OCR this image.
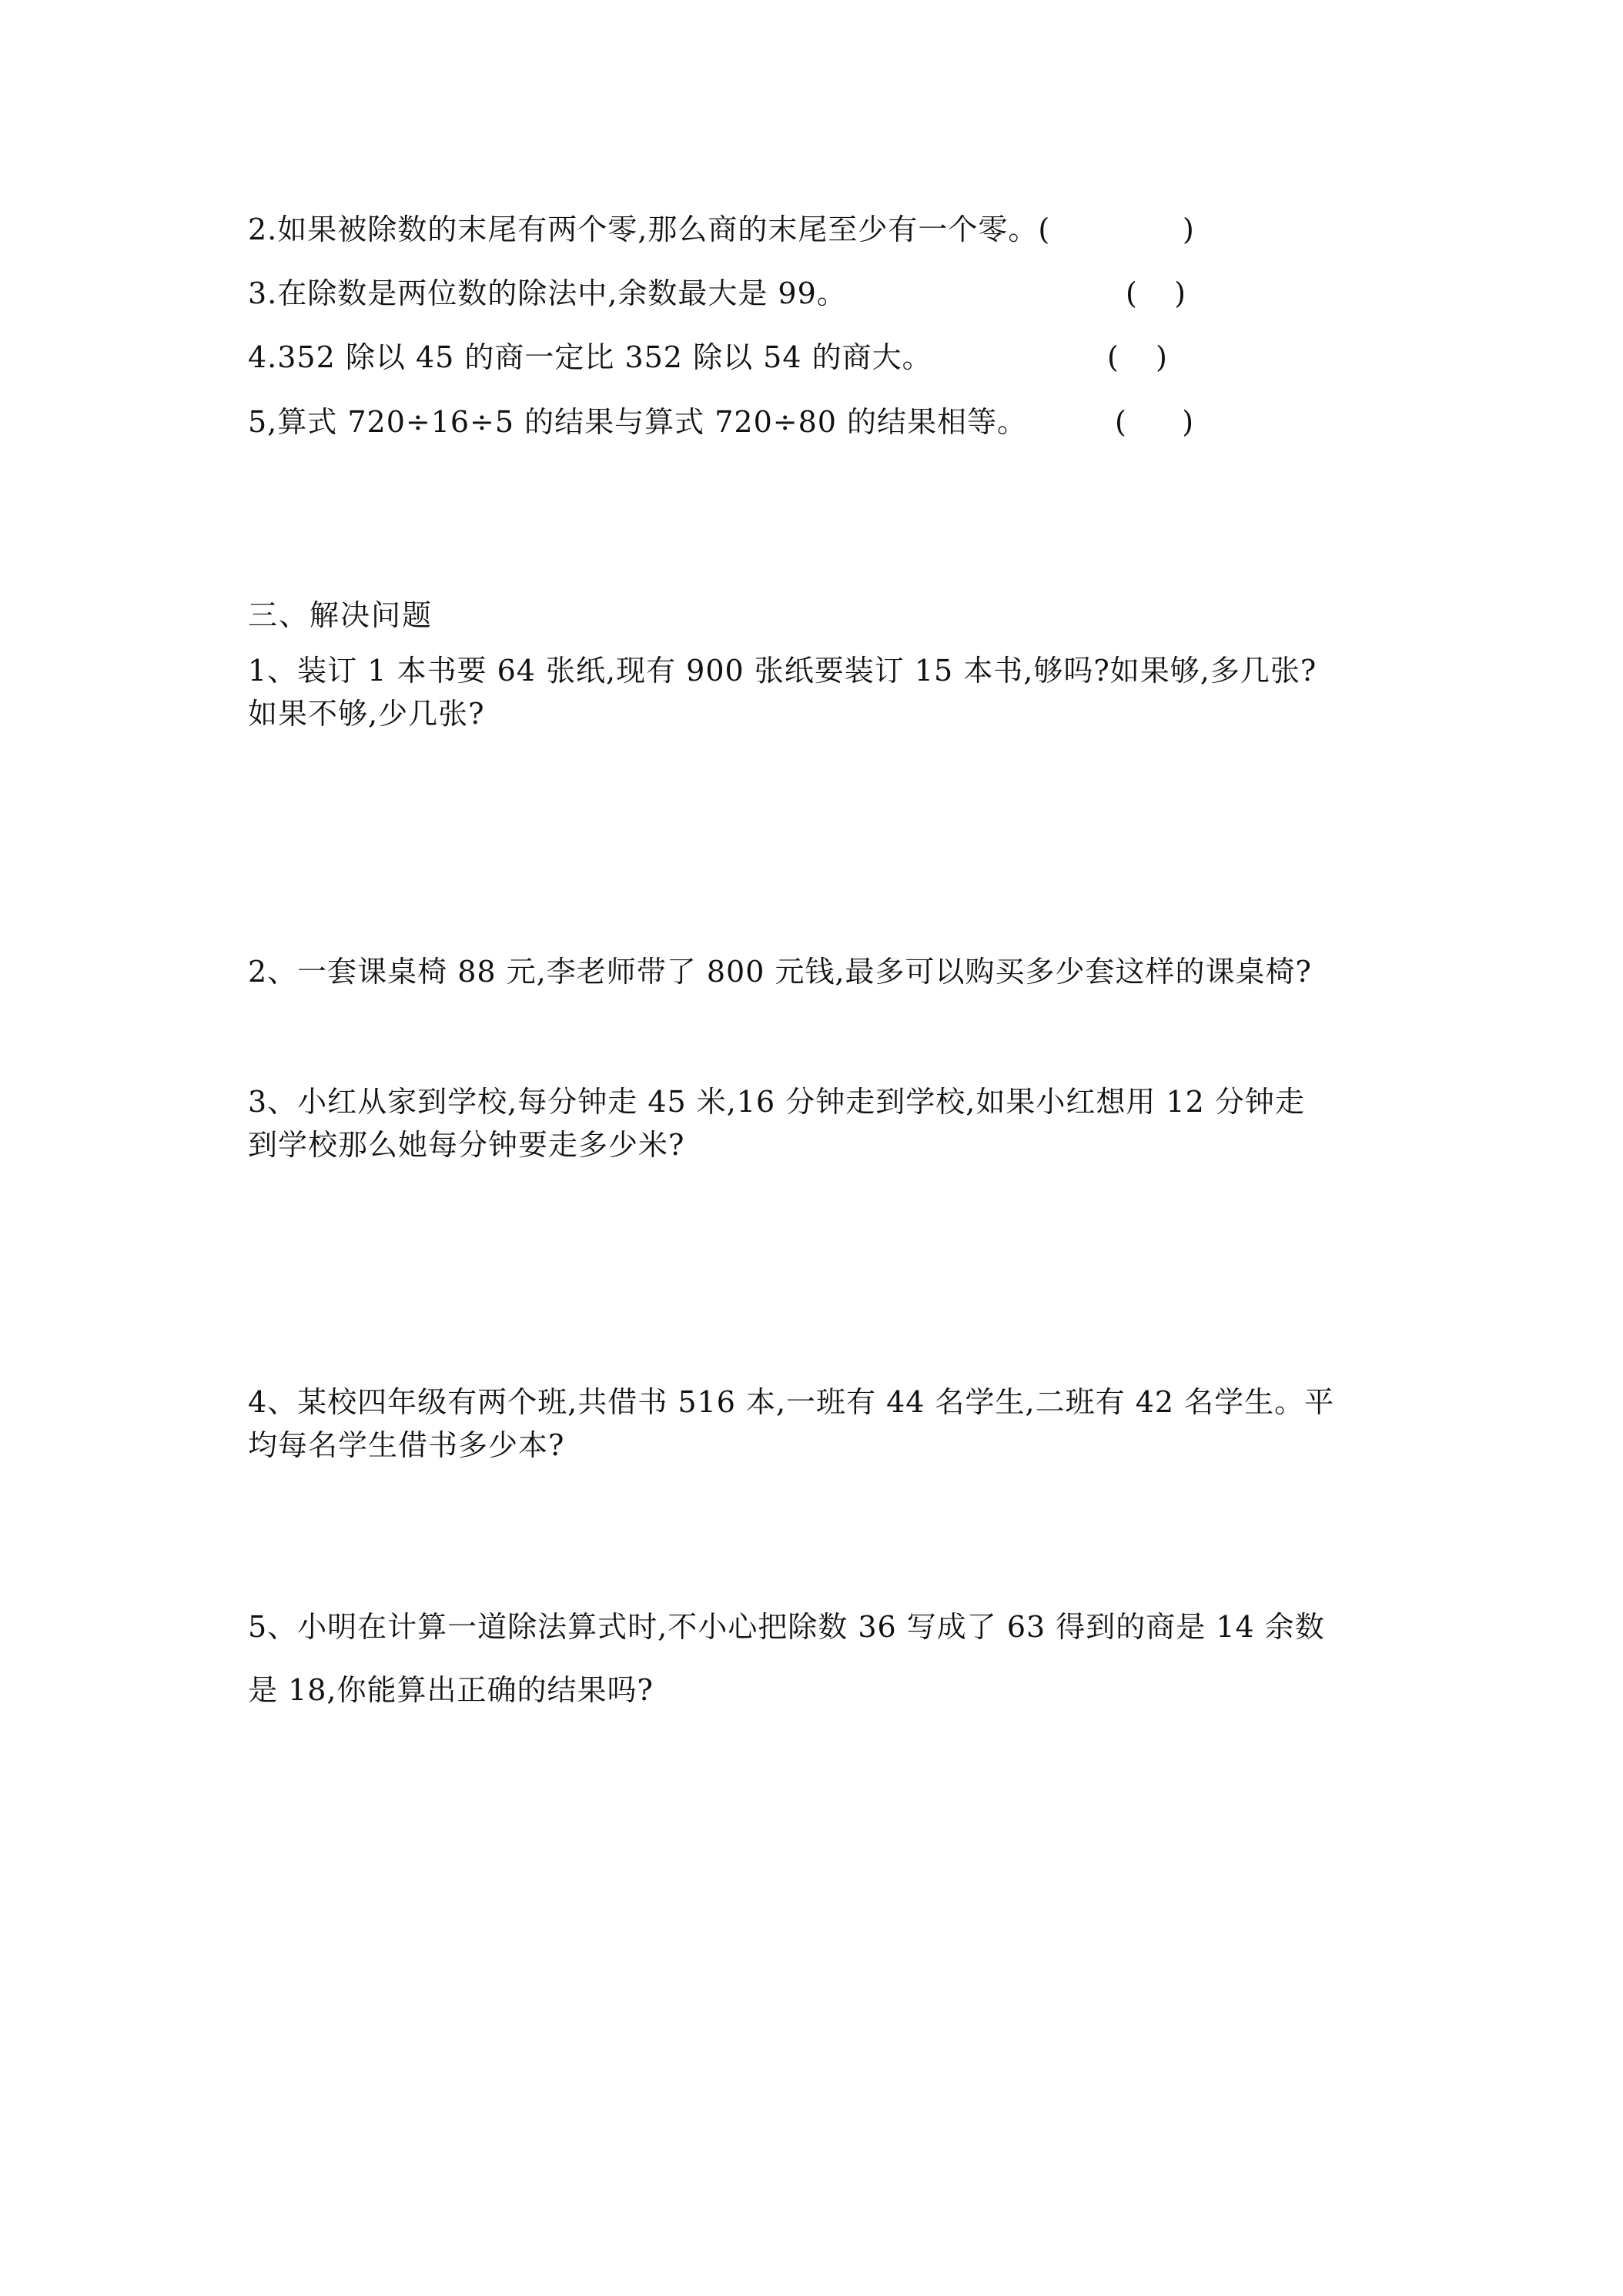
2.如果被除数的末尾有两个零,那么商的末尾至少有一个零。(	)
3.在除数是两位数的除法中,余数最大是 99。	(    )
4.352 除以 45 的商一定比 352 除以 54 的商大。	(    )
5,算式 720÷16÷5 的结果与算式 720÷80 的结果相等。	(      )
三、解决问题
1、装订 1 本书要 64 张纸,现有 900 张纸要装订 15 本书,够吗?如果够,多几张?
如果不够,少几张?
2、一套课桌椅 88 元,李老师带了 800 元钱,最多可以购买多少套这样的课桌椅?
3、小红从家到学校,每分钟走 45 米,16 分钟走到学校,如果小红想用 12 分钟走
到学校那么她每分钟要走多少米?
4、某校四年级有两个班,共借书 516 本,一班有 44 名学生,二班有 42 名学生。平
均每名学生借书多少本?
5、小明在计算一道除法算式时,不小心把除数 36 写成了 63 得到的商是 14 余数
是 18,你能算出正确的结果吗?
